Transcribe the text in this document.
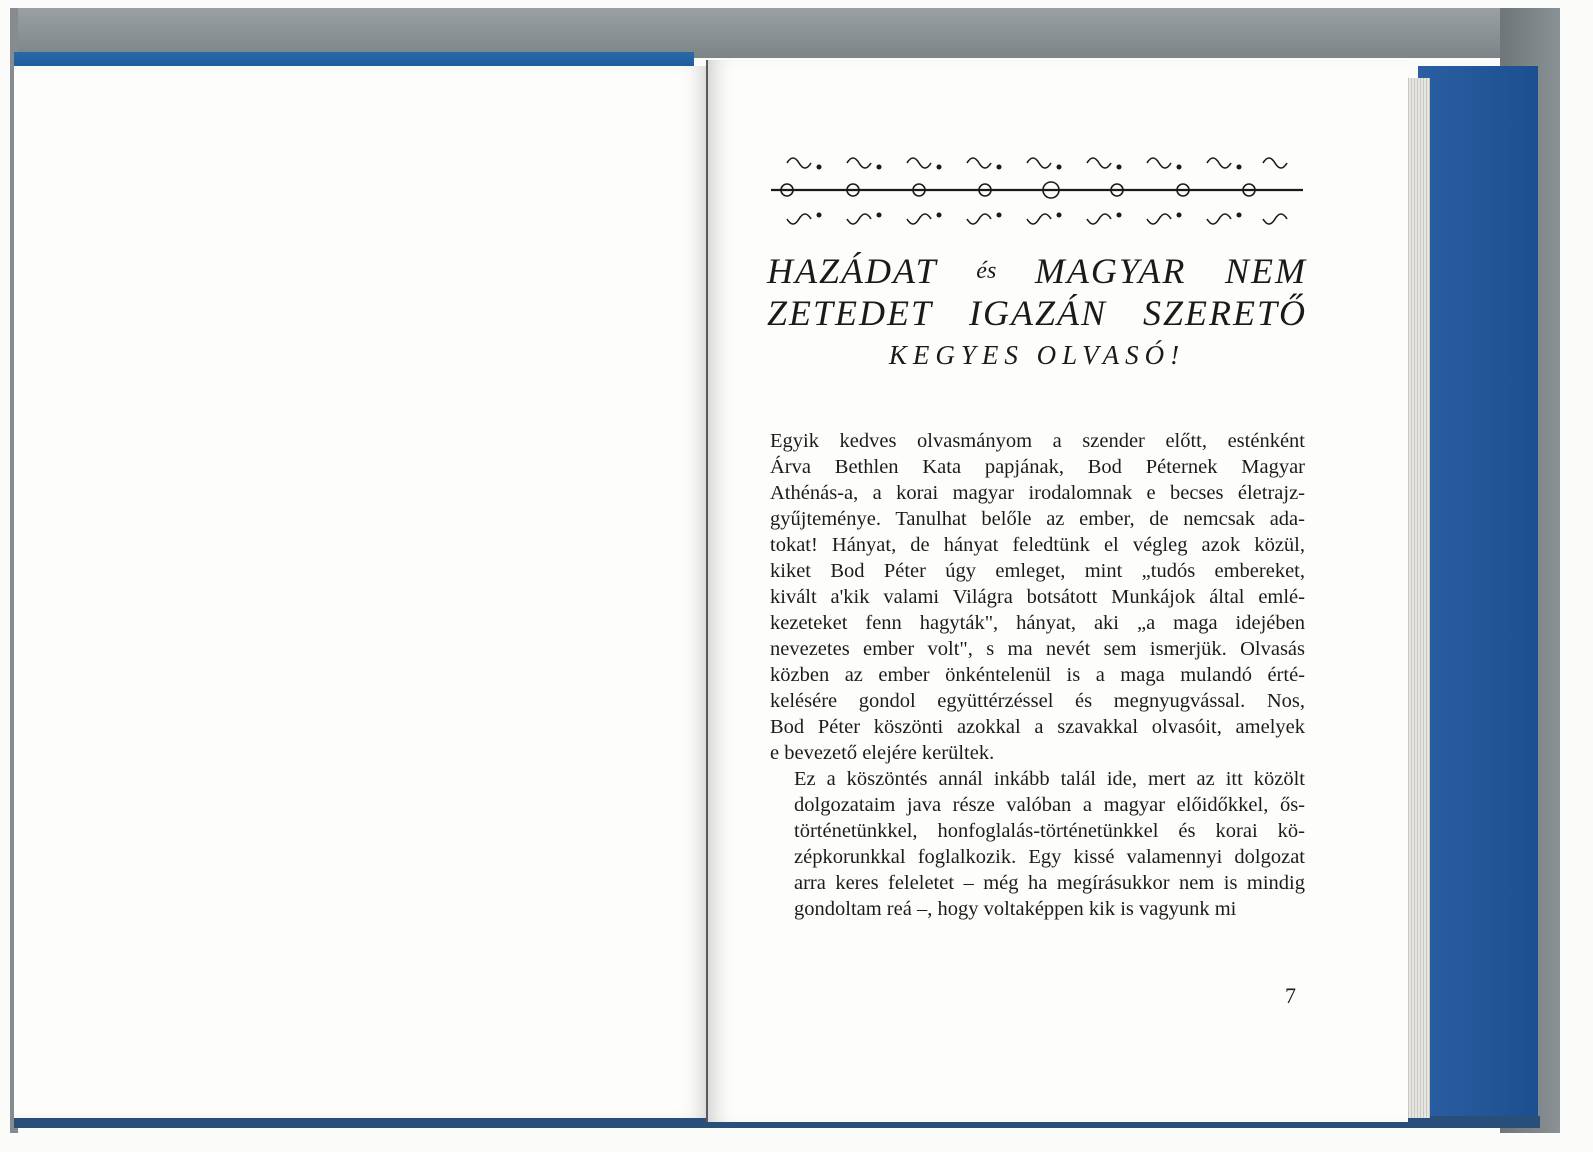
HAZÁDAT és MAGYAR NEM
ZETEDET IGAZÁN SZERETŐ
KEGYES OLVASÓ!

Egyik kedves olvasmányom a szender előtt, esténként
Árva Bethlen Kata papjának, Bod Péternek Magyar
Athénás-a, a korai magyar irodalomnak e becses életrajz-
gyűjteménye. Tanulhat belőle az ember, de nemcsak ada-
tokat! Hányat, de hányat feledtünk el végleg azok közül,
kiket Bod Péter úgy emleget, mint „tudós embereket,
kivált a'kik valami Világra botsátott Munkájok által emlé-
kezeteket fenn hagyták", hányat, aki „a maga idejében
nevezetes ember volt", s ma nevét sem ismerjük. Olvasás
közben az ember önkéntelenül is a maga mulandó érté-
kelésére gondol együttérzéssel és megnyugvással. Nos,
Bod Péter köszönti azokkal a szavakkal olvasóit, amelyek
e bevezető elejére kerültek.

Ez a köszöntés annál inkább talál ide, mert az itt közölt
dolgozataim java része valóban a magyar előidőkkel, ős-
történetünkkel, honfoglalás-történetünkkel és korai kö-
zépkorunkkal foglalkozik. Egy kissé valamennyi dolgozat
arra keres feleletet – még ha megírásukkor nem is mindig
gondoltam reá –, hogy voltaképpen kik is vagyunk mi

7
